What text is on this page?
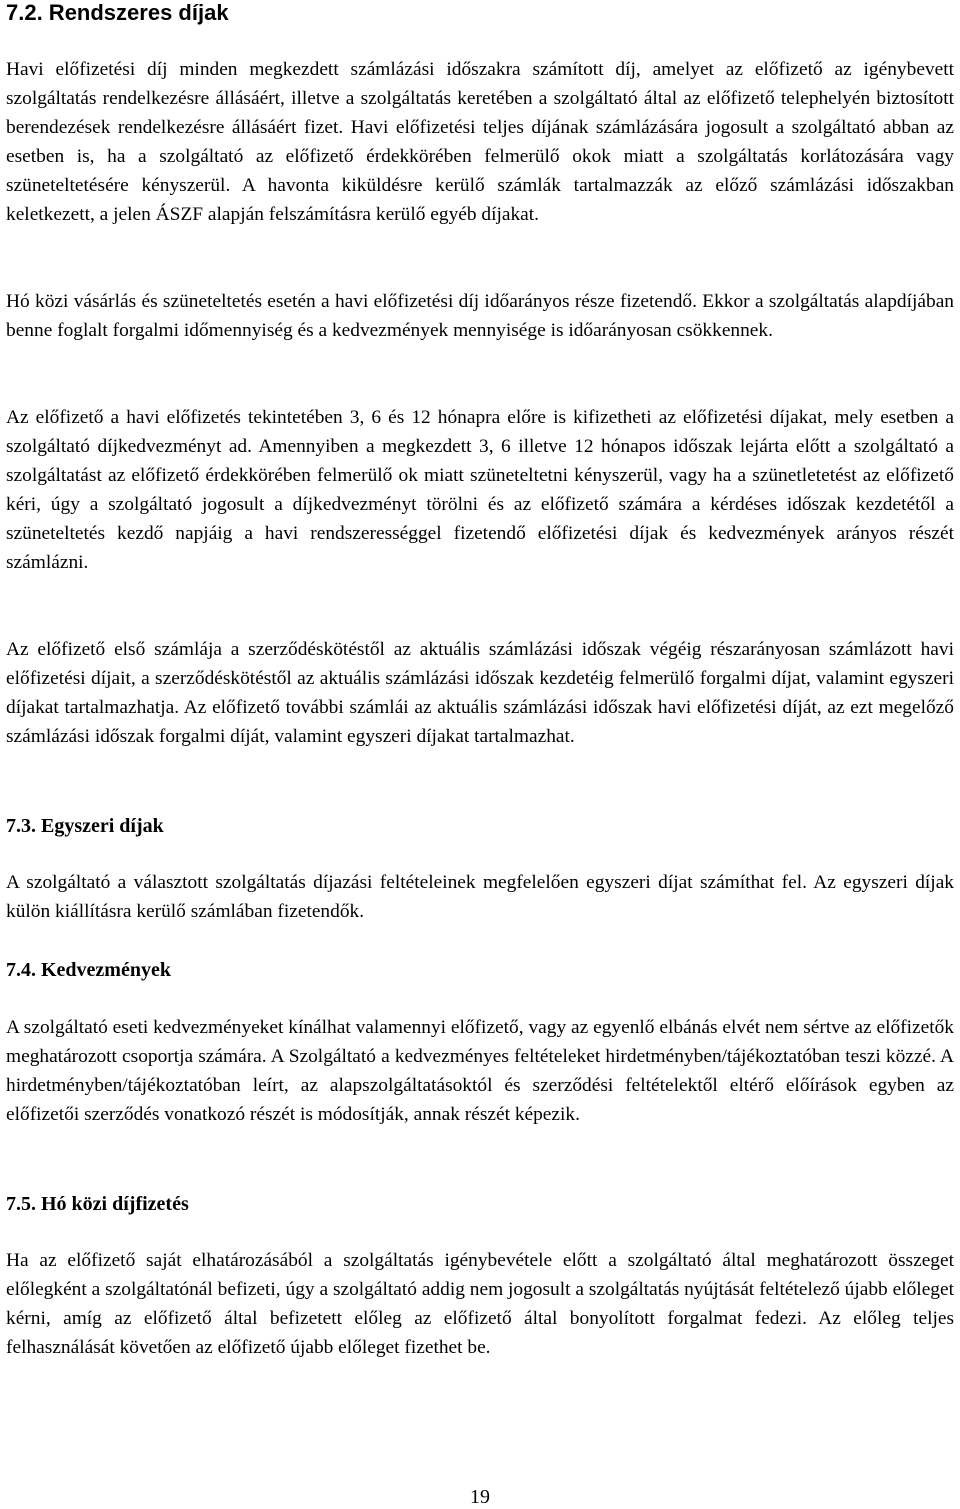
7.2. Rendszeres díjak

Havi előfizetési díj minden megkezdett számlázási időszakra számított díj, amelyet az előfizető az igénybevett szolgáltatás rendelkezésre állásáért, illetve a szolgáltatás keretében a szolgáltató által az előfizető telephelyén biztosított berendezések rendelkezésre állásáért fizet. Havi előfizetési teljes díjának számlázására jogosult a szolgáltató abban az esetben is, ha a szolgáltató az előfizető érdekkörében felmerülő okok miatt a szolgáltatás korlátozására vagy szüneteltetésére kényszerül. A havonta kiküldésre kerülő számlák tartalmazzák az előző számlázási időszakban keletkezett, a jelen ÁSZF alapján felszámításra kerülő egyéb díjakat.

Hó közi vásárlás és szüneteltetés esetén a havi előfizetési díj időarányos része fizetendő. Ekkor a szolgáltatás alapdíjában benne foglalt forgalmi időmennyiség és a kedvezmények mennyisége is időarányosan csökkennek.

Az előfizető a havi előfizetés tekintetében 3, 6 és 12 hónapra előre is kifizetheti az előfizetési díjakat, mely esetben a szolgáltató díjkedvezményt ad. Amennyiben a megkezdett 3, 6 illetve 12 hónapos időszak lejárta előtt a szolgáltató a szolgáltatást az előfizető érdekkörében felmerülő ok miatt szüneteltetni kényszerül, vagy ha a szünetletetést az előfizető kéri, úgy a szolgáltató jogosult a díjkedvezményt törölni és az előfizető számára a kérdéses időszak kezdetétől a szüneteltetés kezdő napjáig a havi rendszerességgel fizetendő előfizetési díjak és kedvezmények arányos részét számlázni.

Az előfizető első számlája a szerződéskötéstől az aktuális számlázási időszak végéig részarányosan számlázott havi előfizetési díjait, a szerződéskötéstől az aktuális számlázási időszak kezdetéig felmerülő forgalmi díjat, valamint egyszeri díjakat tartalmazhatja. Az előfizető további számlái az aktuális számlázási időszak havi előfizetési díját, az ezt megelőző számlázási időszak forgalmi díját, valamint egyszeri díjakat tartalmazhat.

7.3. Egyszeri díjak

A szolgáltató a választott szolgáltatás díjazási feltételeinek megfelelően egyszeri díjat számíthat fel. Az egyszeri díjak külön kiállításra kerülő számlában fizetendők.

7.4. Kedvezmények

A szolgáltató eseti kedvezményeket kínálhat valamennyi előfizető, vagy az egyenlő elbánás elvét nem sértve az előfizetők meghatározott csoportja számára. A Szolgáltató a kedvezményes feltételeket hirdetményben/tájékoztatóban teszi közzé. A hirdetményben/tájékoztatóban leírt, az alapszolgáltatásoktól és szerződési feltételektől eltérő előírások egyben az előfizetői szerződés vonatkozó részét is módosítják, annak részét képezik.

7.5. Hó közi díjfizetés

Ha az előfizető saját elhatározásából a szolgáltatás igénybevétele előtt a szolgáltató által meghatározott összeget előlegként a szolgáltatónál befizeti, úgy a szolgáltató addig nem jogosult a szolgáltatás nyújtását feltételező újabb előleget kérni, amíg az előfizető által befizetett előleg az előfizető által bonyolított forgalmat fedezi. Az előleg teljes felhasználását követően az előfizető újabb előleget fizethet be.

19
